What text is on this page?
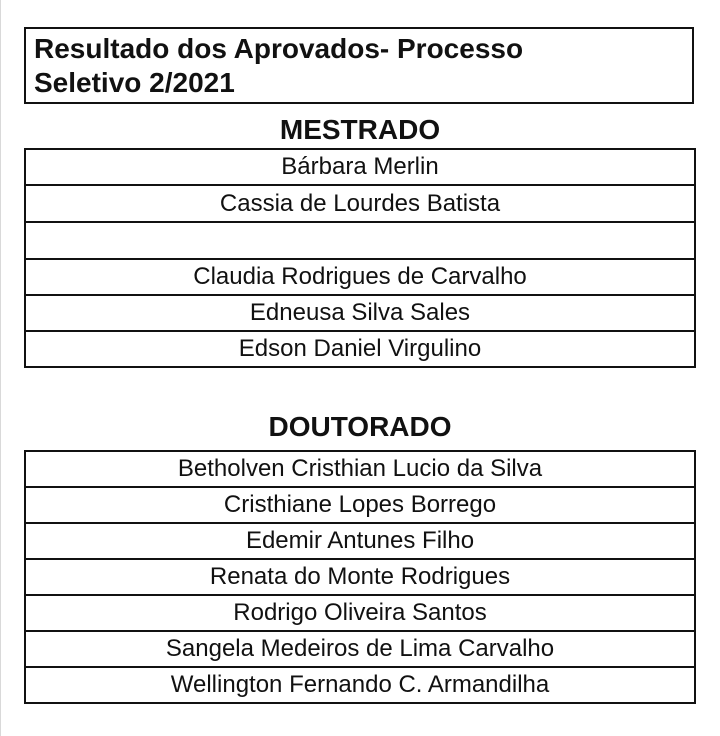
Resultado dos Aprovados- Processo
Seletivo 2/2021
MESTRADO
Bárbara Merlin
Cassia de Lourdes Batista
Claudia Rodrigues de Carvalho
Edneusa Silva Sales
Edson Daniel Virgulino
DOUTORADO
Betholven Cristhian Lucio da Silva
Cristhiane Lopes Borrego
Edemir Antunes Filho
Renata do Monte Rodrigues
Rodrigo Oliveira Santos
Sangela Medeiros de Lima Carvalho
Wellington Fernando C. Armandilha
